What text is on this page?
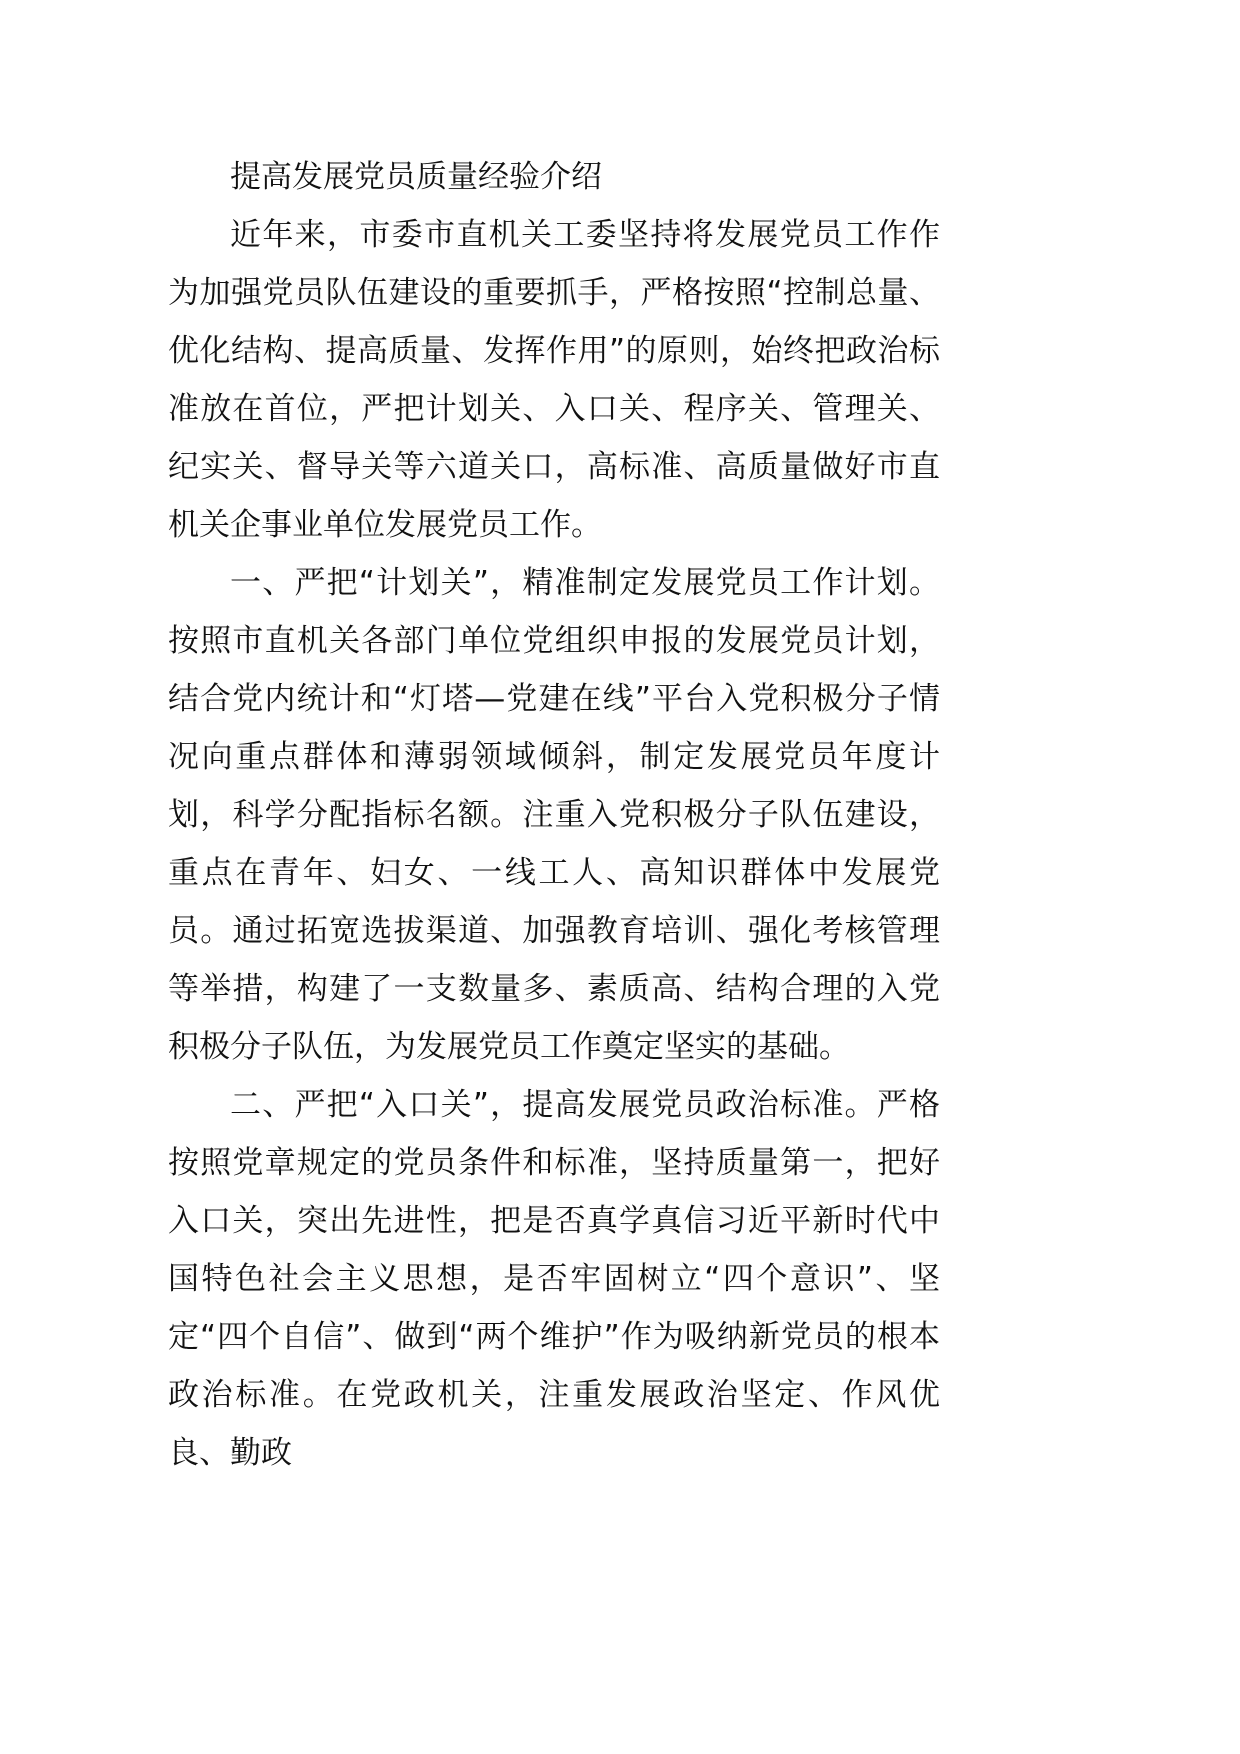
提高发展党员质量经验介绍

近年来，市委市直机关工委坚持将发展党员工作作为加强党员队伍建设的重要抓手，严格按照“控制总量、优化结构、提高质量、发挥作用”的原则，始终把政治标准放在首位，严把计划关、入口关、程序关、管理关、纪实关、督导关等六道关口，高标准、高质量做好市直机关企事业单位发展党员工作。

一、严把“计划关”，精准制定发展党员工作计划。按照市直机关各部门单位党组织申报的发展党员计划，结合党内统计和“灯塔—党建在线”平台入党积极分子情况向重点群体和薄弱领域倾斜，制定发展党员年度计划，科学分配指标名额。注重入党积极分子队伍建设，重点在青年、妇女、一线工人、高知识群体中发展党员。通过拓宽选拔渠道、加强教育培训、强化考核管理等举措，构建了一支数量多、素质高、结构合理的入党积极分子队伍，为发展党员工作奠定坚实的基础。

二、严把“入口关”，提高发展党员政治标准。严格按照党章规定的党员条件和标准，坚持质量第一，把好入口关，突出先进性，把是否真学真信习近平新时代中国特色社会主义思想，是否牢固树立“四个意识”、坚定“四个自信”、做到“两个维护”作为吸纳新党员的根本政治标准。在党政机关，注重发展政治坚定、作风优良、勤政
